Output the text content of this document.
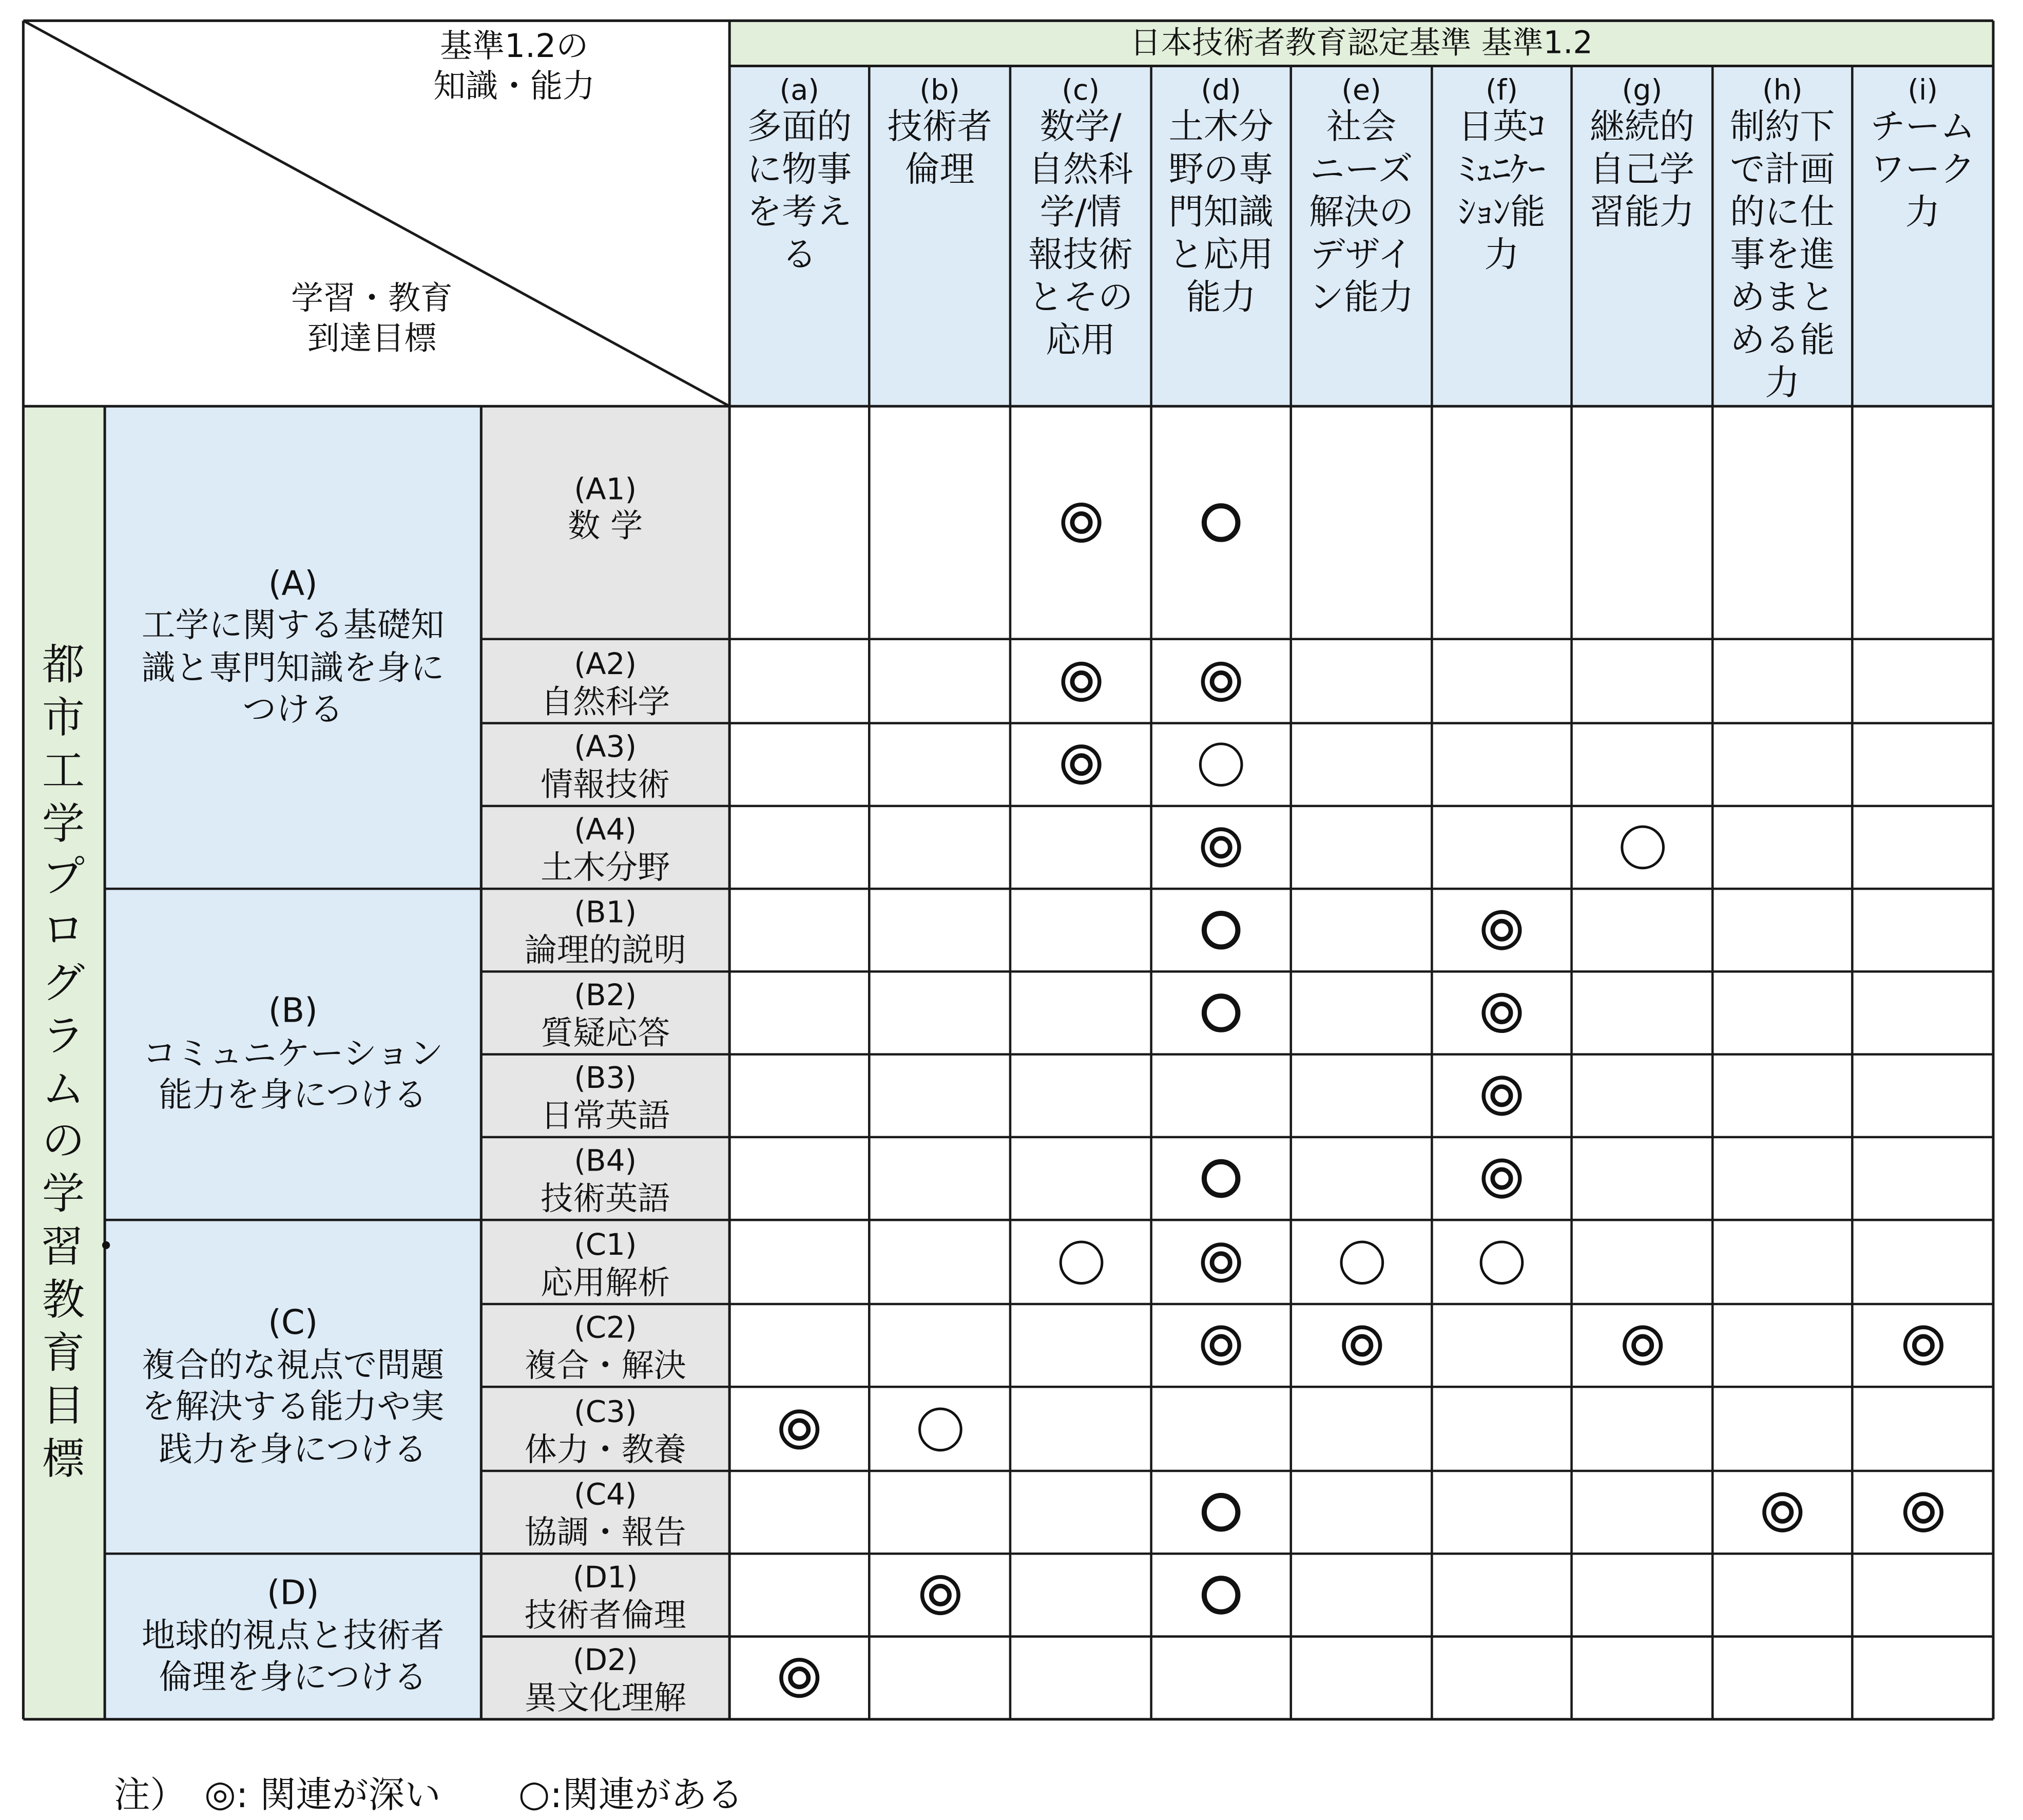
日本技術者教育認定基準 基準1.2
(a)
多面的
に物事
を考え
る
(b)
技術者
倫理
(c)
数学/
自然科
学/情
報技術
とその
応用
(d)
土木分
野の専
門知識
と応用
能力
(e)
社会
ニーズ
解決の
デザイ
ン能力
(f)
日英ｺ
ﾐｭﾆｹｰ
ｼｮﾝ能
力
(g)
継続的
自己学
習能力
(h)
制約下
で計画
的に仕
事を進
めまと
める能
力
(i)
チーム
ワーク
力
都市工学プログラムの学習・教育目標
(A)
工学に関する基礎知
識と専門知識を身に
つける
(B)
コミュニケーション
能力を身につける
(C)
複合的な視点で問題
を解決する能力や実
践力を身につける
(D)
地球的視点と技術者
倫理を身につける
(A1)
数 学
(A2)
自然科学
(A3)
情報技術
(A4)
土木分野
(B1)
論理的説明
(B2)
質疑応答
(B3)
日常英語
(B4)
技術英語
(C1)
応用解析
(C2)
複合・解決
(C3)
体力・教養
(C4)
協調・報告
(D1)
技術者倫理
(D2)
異文化理解
基準1.2の
知識・能力
学習・教育
到達目標
注） ◎ : 関連が深い	○ :関連がある
